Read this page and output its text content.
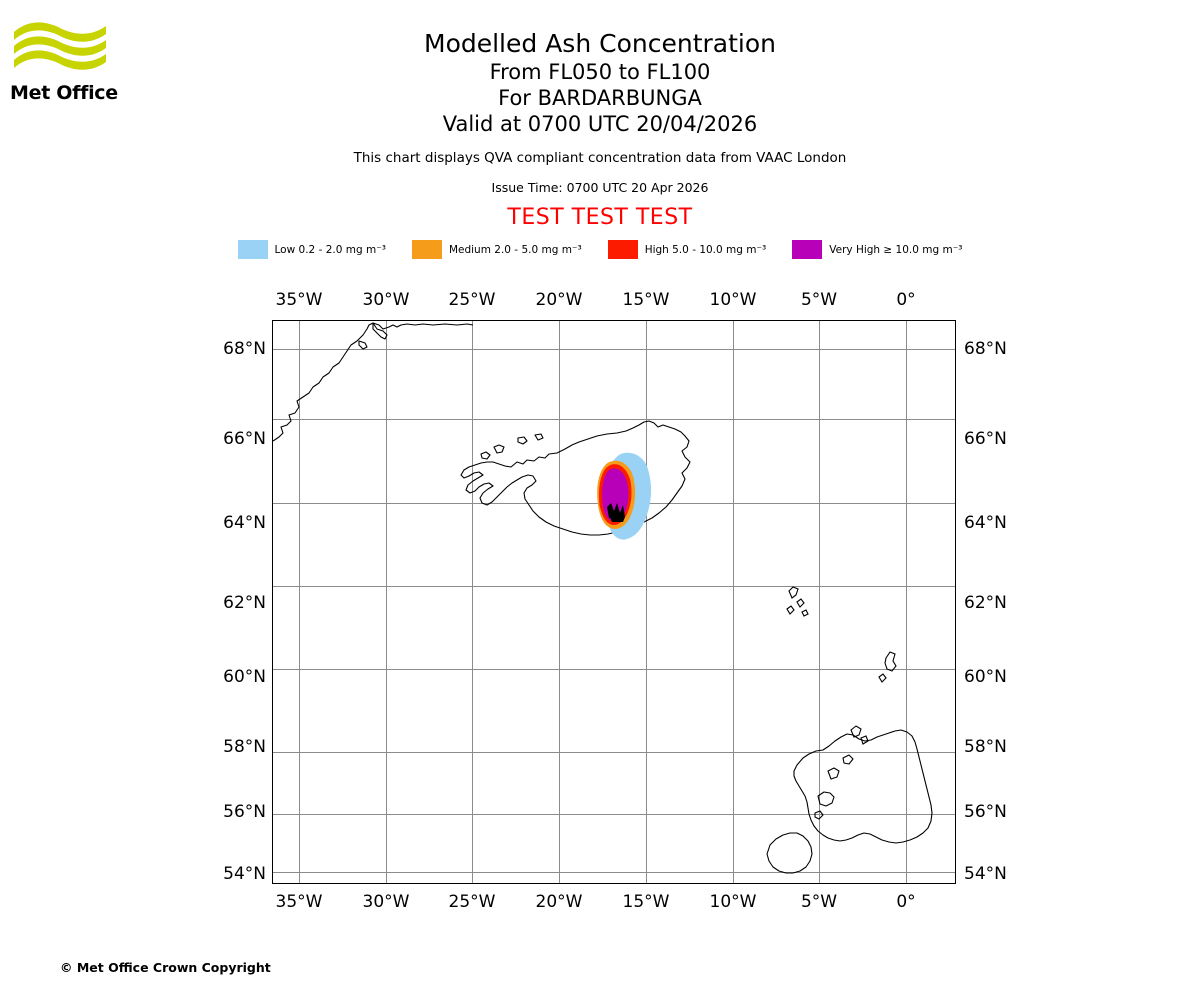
Met Office
Modelled Ash Concentration
From FL050 to FL100
For BARDARBUNGA
Valid at 0700 UTC 20/04/2026
This chart displays QVA compliant concentration data from VAAC London
Issue Time: 0700 UTC 20 Apr 2026
TEST TEST TEST
Low 0.2 - 2.0 mg m⁻³	Medium 2.0 - 5.0 mg m⁻³	High 5.0 - 10.0 mg m⁻³	Very High ≥ 10.0 mg m⁻³
35°W 30°W 25°W 20°W 15°W 10°W	5°W	0°
35°W 30°W 25°W 20°W 15°W 10°W	5°W	0°
68°N
66°N
64°N
62°N
60°N
58°N
56°N
54°N
68°N
66°N
64°N
62°N
60°N
58°N
56°N
54°N
© Met Office Crown Copyright
